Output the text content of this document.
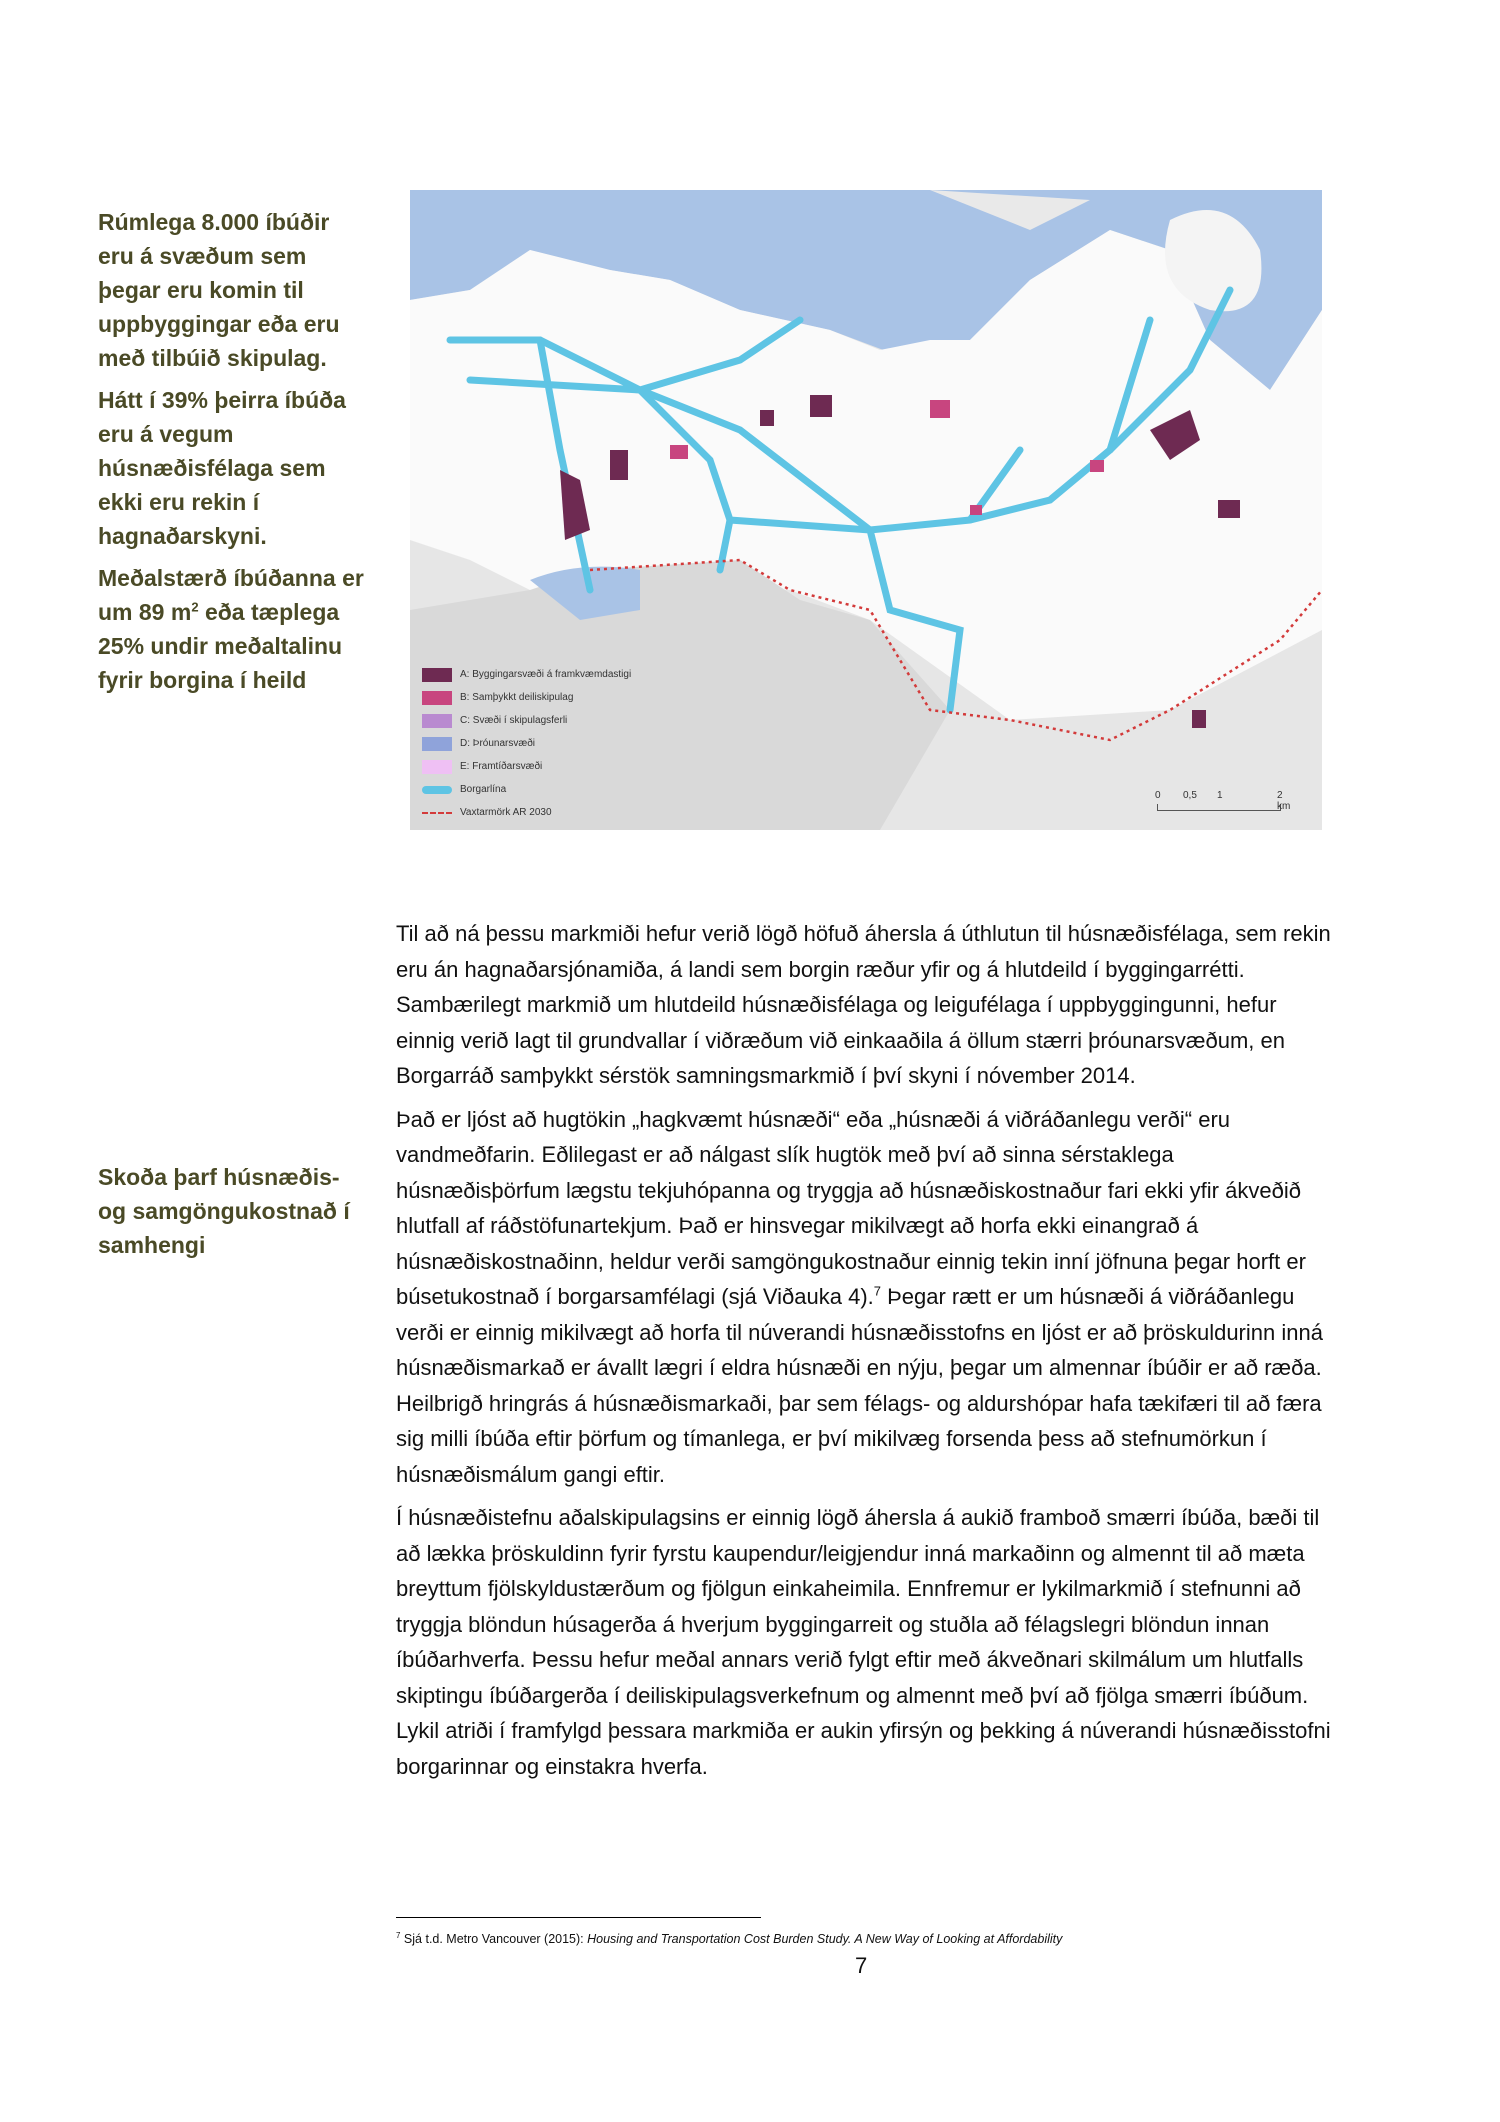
Rúmlega 8.000 íbúðir eru á svæðum sem þegar eru komin til uppbyggingar eða eru með tilbúið skipulag.

Hátt í 39% þeirra íbúða eru á vegum húsnæðisfélaga sem ekki eru rekin í hagnaðarskyni.

Meðalstærð íbúðanna er um 89 $m^2$ eða tæplega 25% undir meðaltalinu fyrir borgina í heild	A: Byggingarsvæði á framkvæmdastigi
B: Samþykkt deiliskipulag
C: Svæði í skipulagsferli
D: Þróunarsvæði
E: Framtíðarsvæði
Borgarlína
Vaxtarmörk AR 2030
0 0,5 1	2 km
Skoða þarf húsnæðis- og samgöngukostnað í samhengi

Til að ná þessu markmiði hefur verið lögð höfuð áhersla á úthlutun til húsnæðisfélaga, sem rekin eru án hagnaðarsjónamiða, á landi sem borgin ræður yfir og á hlutdeild í byggingarrétti. Sambærilegt markmið um hlutdeild húsnæðisfélaga og leigufélaga í uppbyggingunni, hefur einnig verið lagt til grundvallar í viðræðum við einkaaðila á öllum stærri þróunarsvæðum, en Borgarráð samþykkt sérstök samningsmarkmið í því skyni í nóvember 2014.

Það er ljóst að hugtökin „hagkvæmt húsnæði“ eða „húsnæði á viðráðanlegu verði“ eru vandmeðfarin. Eðlilegast er að nálgast slík hugtök með því að sinna sérstaklega húsnæðisþörfum lægstu tekjuhópanna og tryggja að húsnæðiskostnaður fari ekki yfir ákveðið hlutfall af ráðstöfunartekjum. Það er hinsvegar mikilvægt að horfa ekki einangrað á húsnæðiskostnaðinn, heldur verði samgöngukostnaður einnig tekin inní jöfnuna þegar horft er búsetukostnað í borgarsamfélagi (sjá Viðauka 4).$^7$ Þegar rætt er um húsnæði á viðráðanlegu verði er einnig mikilvægt að horfa til núverandi húsnæðisstofns en ljóst er að þröskuldurinn inná húsnæðismarkað er ávallt lægri í eldra húsnæði en nýju, þegar um almennar íbúðir er að ræða. Heilbrigð hringrás á húsnæðismarkaði, þar sem félags- og aldurshópar hafa tækifæri til að færa sig milli íbúða eftir þörfum og tímanlega, er því mikilvæg forsenda þess að stefnumörkun í húsnæðismálum gangi eftir.

Í húsnæðistefnu aðalskipulagsins er einnig lögð áhersla á aukið framboð smærri íbúða, bæði til að lækka þröskuldinn fyrir fyrstu kaupendur/leigjendur inná markaðinn og almennt til að mæta breyttum fjölskyldustærðum og fjölgun einkaheimila. Ennfremur er lykilmarkmið í stefnunni að tryggja blöndun húsagerða á hverjum byggingarreit og stuðla að félagslegri blöndun innan íbúðarhverfa. Þessu hefur meðal annars verið fylgt eftir með ákveðnari skilmálum um hlutfalls skiptingu íbúðargerða í deiliskipulagsverkefnum og almennt með því að fjölga smærri íbúðum. Lykil atriði í framfylgd þessara markmiða er aukin yfirsýn og þekking á núverandi húsnæðisstofni borgarinnar og einstakra hverfa.

$^7$ Sjá t.d. Metro Vancouver (2015): Housing and Transportation Cost Burden Study. A New Way of Looking at Affordability
7
